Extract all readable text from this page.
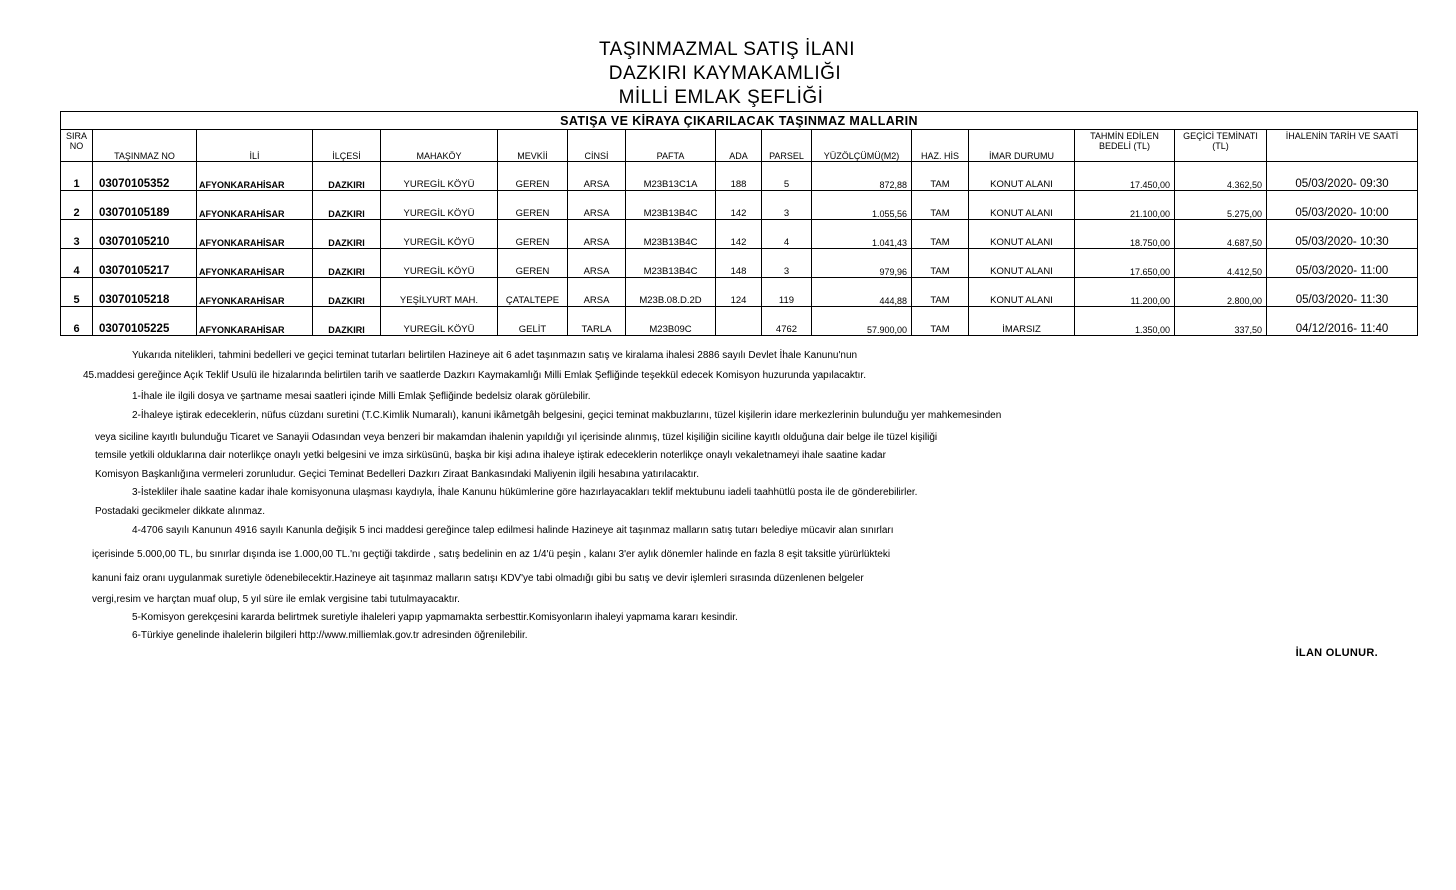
TAŞINMAZMAL SATIŞ İLANI
DAZKIRI KAYMAKAMLIĞI
MİLLİ EMLAK ŞEFLİĞİ
SATIŞA VE KİRAYA ÇIKARILACAK TAŞINMAZ MALLARIN															
SIRA NO	TAŞINMAZ NO	İLİ	İLÇESİ	MAHAKÖY	MEVKİİ	CİNSİ	PAFTA	ADA	PARSEL	YÜZÖLÇÜMÜ(M2)	HAZ. HİS	İMAR DURUMU	TAHMİN EDİLEN BEDELİ (TL)	GEÇİCİ TEMİNATI (TL)	İHALENİN TARİH VE SAATİ
1	03070105352	AFYONKARAHİSAR	DAZKIRI	YUREGİL KÖYÜ	GEREN	ARSA	M23B13C1A	188	5	872,88	TAM	KONUT ALANI	17.450,00	4.362,50	05/03/2020- 09:30
2	03070105189	AFYONKARAHİSAR	DAZKIRI	YUREGİL KÖYÜ	GEREN	ARSA	M23B13B4C	142	3	1.055,56	TAM	KONUT ALANI	21.100,00	5.275,00	05/03/2020- 10:00
3	03070105210	AFYONKARAHİSAR	DAZKIRI	YUREGİL KÖYÜ	GEREN	ARSA	M23B13B4C	142	4	1.041,43	TAM	KONUT ALANI	18.750,00	4.687,50	05/03/2020- 10:30
4	03070105217	AFYONKARAHİSAR	DAZKIRI	YUREGİL KÖYÜ	GEREN	ARSA	M23B13B4C	148	3	979,96	TAM	KONUT ALANI	17.650,00	4.412,50	05/03/2020- 11:00
5	03070105218	AFYONKARAHİSAR	DAZKIRI	YEŞİLYURT MAH.	ÇATALTEPE	ARSA	M23B.08.D.2D	124	119	444,88	TAM	KONUT ALANI	11.200,00	2.800,00	05/03/2020- 11:30
6	03070105225	AFYONKARAHİSAR	DAZKIRI	YUREGİL KÖYÜ	GELİT	TARLA	M23B09C		4762	57.900,00	TAM	İMARSIZ	1.350,00	337,50	04/12/2016- 11:40

Yukarıda nitelikleri, tahmini bedelleri ve geçici teminat tutarları belirtilen Hazineye ait 6 adet taşınmazın satış ve kiralama ihalesi 2886 sayılı Devlet İhale Kanunu'nun

45.maddesi gereğince Açık Teklif Usulü ile hizalarında belirtilen tarih ve saatlerde Dazkırı Kaymakamlığı Milli Emlak Şefliğinde teşekkül edecek Komisyon huzurunda yapılacaktır.

1-İhale ile ilgili dosya ve şartname mesai saatleri içinde Milli Emlak Şefliğinde bedelsiz olarak görülebilir.

2-İhaleye iştirak edeceklerin, nüfus cüzdanı suretini (T.C.Kimlik Numaralı), kanuni ikâmetgâh belgesini, geçici teminat makbuzlarını, tüzel kişilerin idare merkezlerinin bulunduğu yer mahkemesinden

veya siciline kayıtlı bulunduğu Ticaret ve Sanayii Odasından veya benzeri bir makamdan ihalenin yapıldığı yıl içerisinde alınmış, tüzel kişiliğin siciline kayıtlı olduğuna dair belge ile tüzel kişiliği

temsile yetkili olduklarına dair noterlikçe onaylı yetki belgesini ve imza sirküsünü, başka bir kişi adına ihaleye iştirak edeceklerin noterlikçe onaylı vekaletnameyi ihale saatine kadar

Komisyon Başkanlığına vermeleri zorunludur. Geçici Teminat Bedelleri Dazkırı Ziraat Bankasındaki Maliyenin ilgili hesabına yatırılacaktır.

3-İstekliler ihale saatine kadar ihale komisyonuna ulaşması kaydıyla, İhale Kanunu hükümlerine göre hazırlayacakları teklif mektubunu iadeli taahhütlü posta ile de gönderebilirler.

Postadaki gecikmeler dikkate alınmaz.

4-4706 sayılı Kanunun 4916 sayılı Kanunla değişik 5 inci maddesi gereğince talep edilmesi halinde Hazineye ait taşınmaz malların satış tutarı belediye mücavir alan sınırları

içerisinde 5.000,00 TL, bu sınırlar dışında ise 1.000,00 TL.'nı geçtiği takdirde , satış bedelinin en az 1/4'ü peşin , kalanı 3'er aylık dönemler halinde en fazla 8 eşit taksitle yürürlükteki

kanuni faiz oranı uygulanmak suretiyle ödenebilecektir.Hazineye ait taşınmaz malların satışı KDV'ye tabi olmadığı gibi bu satış ve devir işlemleri sırasında düzenlenen belgeler

vergi,resim ve harçtan muaf olup, 5 yıl süre ile emlak vergisine tabi tutulmayacaktır.

5-Komisyon gerekçesini kararda belirtmek suretiyle ihaleleri yapıp yapmamakta serbesttir.Komisyonların ihaleyi yapmama kararı kesindir.

6-Türkiye genelinde ihalelerin bilgileri http://www.milliemlak.gov.tr adresinden öğrenilebilir.

İLAN OLUNUR.
